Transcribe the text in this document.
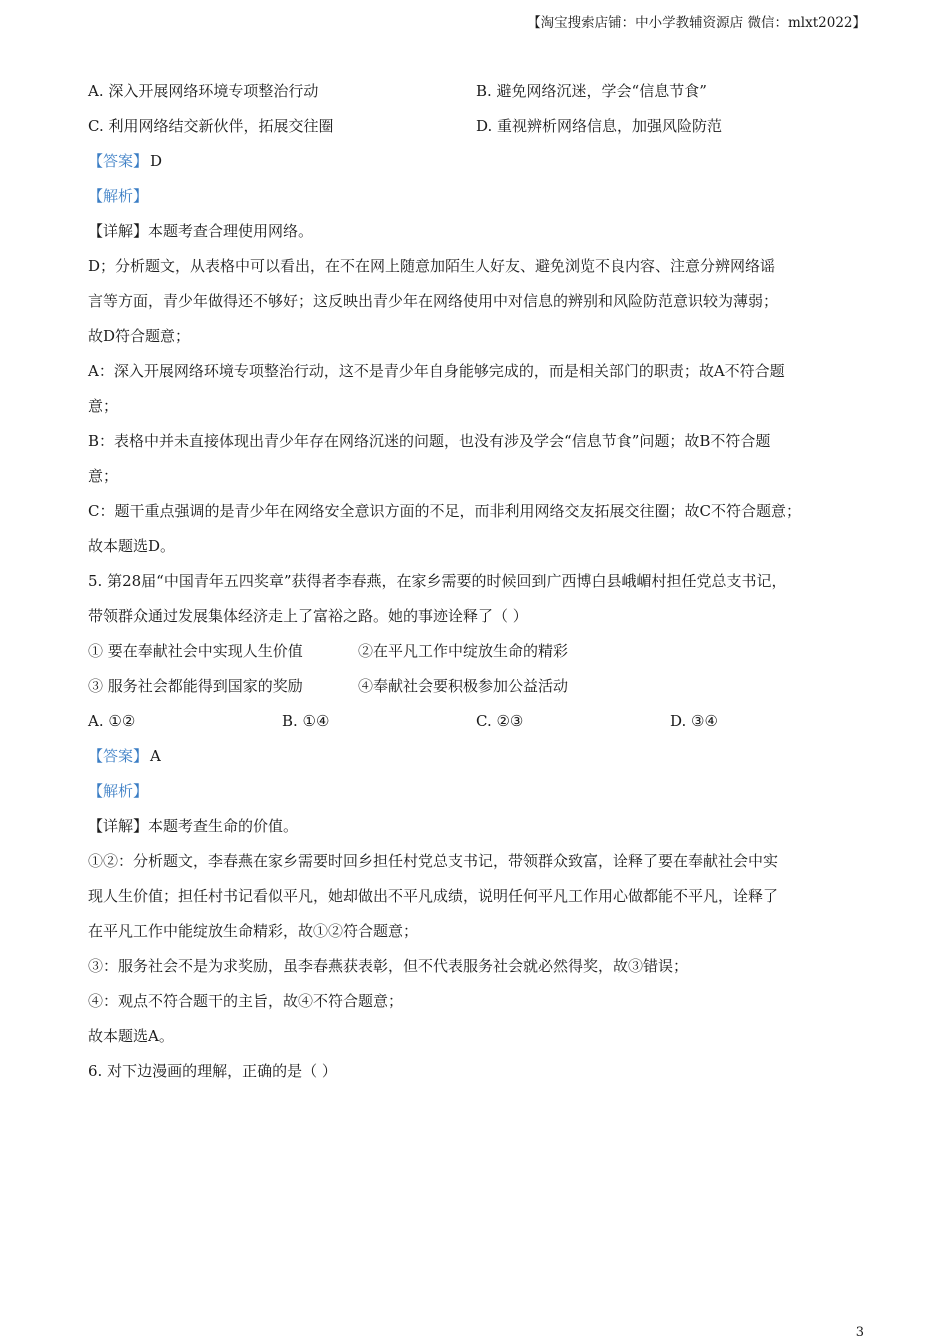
【淘宝搜索店铺：中小学教辅资源店 微信：mlxt2022】
A. 深入开展网络环境专项整治行动	B. 避免网络沉迷，学会“信息节食”
C. 利用网络结交新伙伴，拓展交往圈	D. 重视辨析网络信息，加强风险防范
【答案】 D
【解析】
【详解】本题考查合理使用网络。
D；分析题文，从表格中可以看出，在不在网上随意加陌生人好友、避免浏览不良内容、注意分辨网络谣
言等方面，青少年做得还不够好；这反映出青少年在网络使用中对信息的辨别和风险防范意识较为薄弱；
故D符合题意；
A：深入开展网络环境专项整治行动，这不是青少年自身能够完成的，而是相关部门的职责；故A不符合题
意；
B：表格中并未直接体现出青少年存在网络沉迷的问题，也没有涉及学会“信息节食”问题；故B不符合题
意；
C：题干重点强调的是青少年在网络安全意识方面的不足，而非利用网络交友拓展交往圈；故C不符合题意；
故本题选D。
5. 第28届“中国青年五四奖章”获得者李春燕，在家乡需要的时候回到广西博白县峨嵋村担任党总支书记，
带领群众通过发展集体经济走上了富裕之路。她的事迹诠释了（ ）
① 要在奉献社会中实现人生价值	②在平凡工作中绽放生命的精彩
③ 服务社会都能得到国家的奖励	④奉献社会要积极参加公益活动
A. ①②	B. ①④	C. ②③	D. ③④
【答案】 A
【解析】
【详解】本题考查生命的价值。
①②：分析题文，李春燕在家乡需要时回乡担任村党总支书记，带领群众致富，诠释了要在奉献社会中实
现人生价值；担任村书记看似平凡，她却做出不平凡成绩，说明任何平凡工作用心做都能不平凡，诠释了
在平凡工作中能绽放生命精彩，故①②符合题意；
③：服务社会不是为求奖励，虽李春燕获表彰，但不代表服务社会就必然得奖，故③错误；
④：观点不符合题干的主旨，故④不符合题意；
故本题选A。
6. 对下边漫画的理解，正确的是（ ）
3
